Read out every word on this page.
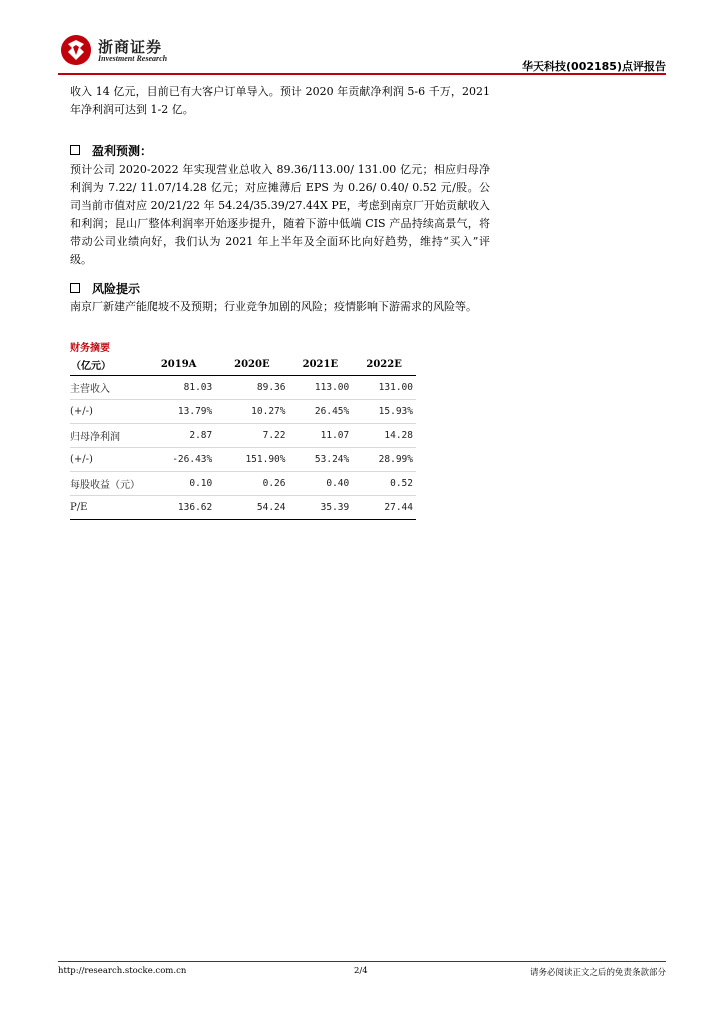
浙商证券
Investment Research
华天科技(002185)点评报告

收入 14 亿元，目前已有大客户订单导入。预计 2020 年贡献净利润 5-6 千万，2021 年净利润可达到 1-2 亿。

盈利预测：

预计公司 2020-2022 年实现营业总收入 89.36/113.00/ 131.00 亿元；相应归母净利润为 7.22/ 11.07/14.28 亿元；对应摊薄后 EPS 为 0.26/ 0.40/ 0.52 元/股。公司当前市值对应 20/21/22 年 54.24/35.39/27.44X PE，考虑到南京厂开始贡献收入和利润；昆山厂整体利润率开始逐步提升，随着下游中低端 CIS 产品持续高景气，将带动公司业绩向好，我们认为 2021 年上半年及全面环比向好趋势，维持“买入”评级。

风险提示

南京厂新建产能爬坡不及预期；行业竞争加剧的风险；疫情影响下游需求的风险等。

财务摘要
（亿元）	2019A	2020E	2021E	2022E
主营收入	81.03	89.36	113.00	131.00
(+/-)	13.79%	10.27%	26.45%	15.93%
归母净利润	2.87	7.22	11.07	14.28
(+/-)	-26.43%	151.90%	53.24%	28.99%
每股收益（元）	0.10	0.26	0.40	0.52
P/E	136.62	54.24	35.39	27.44
http://research.stocke.com.cn	2/4	请务必阅读正文之后的免责条款部分
